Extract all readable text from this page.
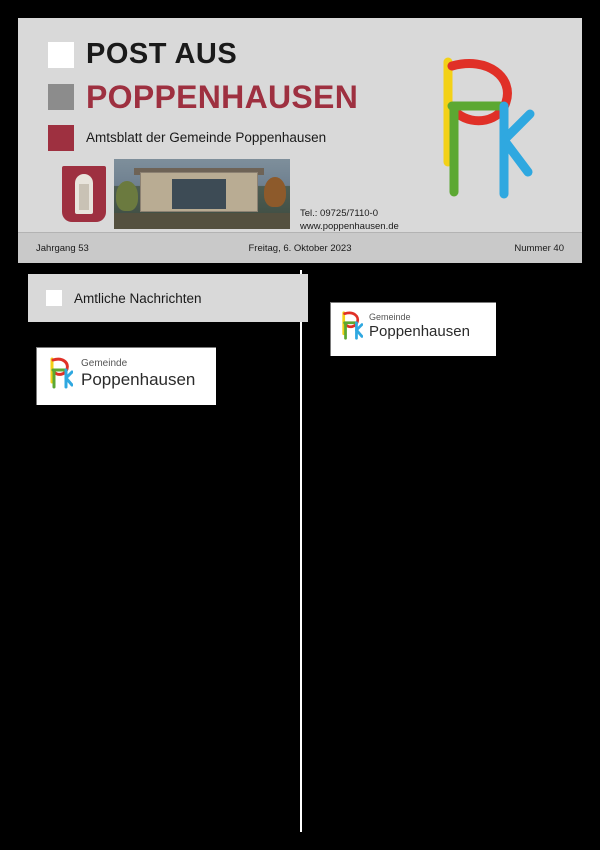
POST AUS
POPPENHAUSEN
Amtsblatt der Gemeinde Poppenhausen
Tel.: 09725/7110-0
www.poppenhausen.de
Jahrgang 53	Freitag, 6. Oktober 2023	Nummer 40
Amtliche Nachrichten
Gemeinde
Poppenhausen
Gemeinde
Poppenhausen
